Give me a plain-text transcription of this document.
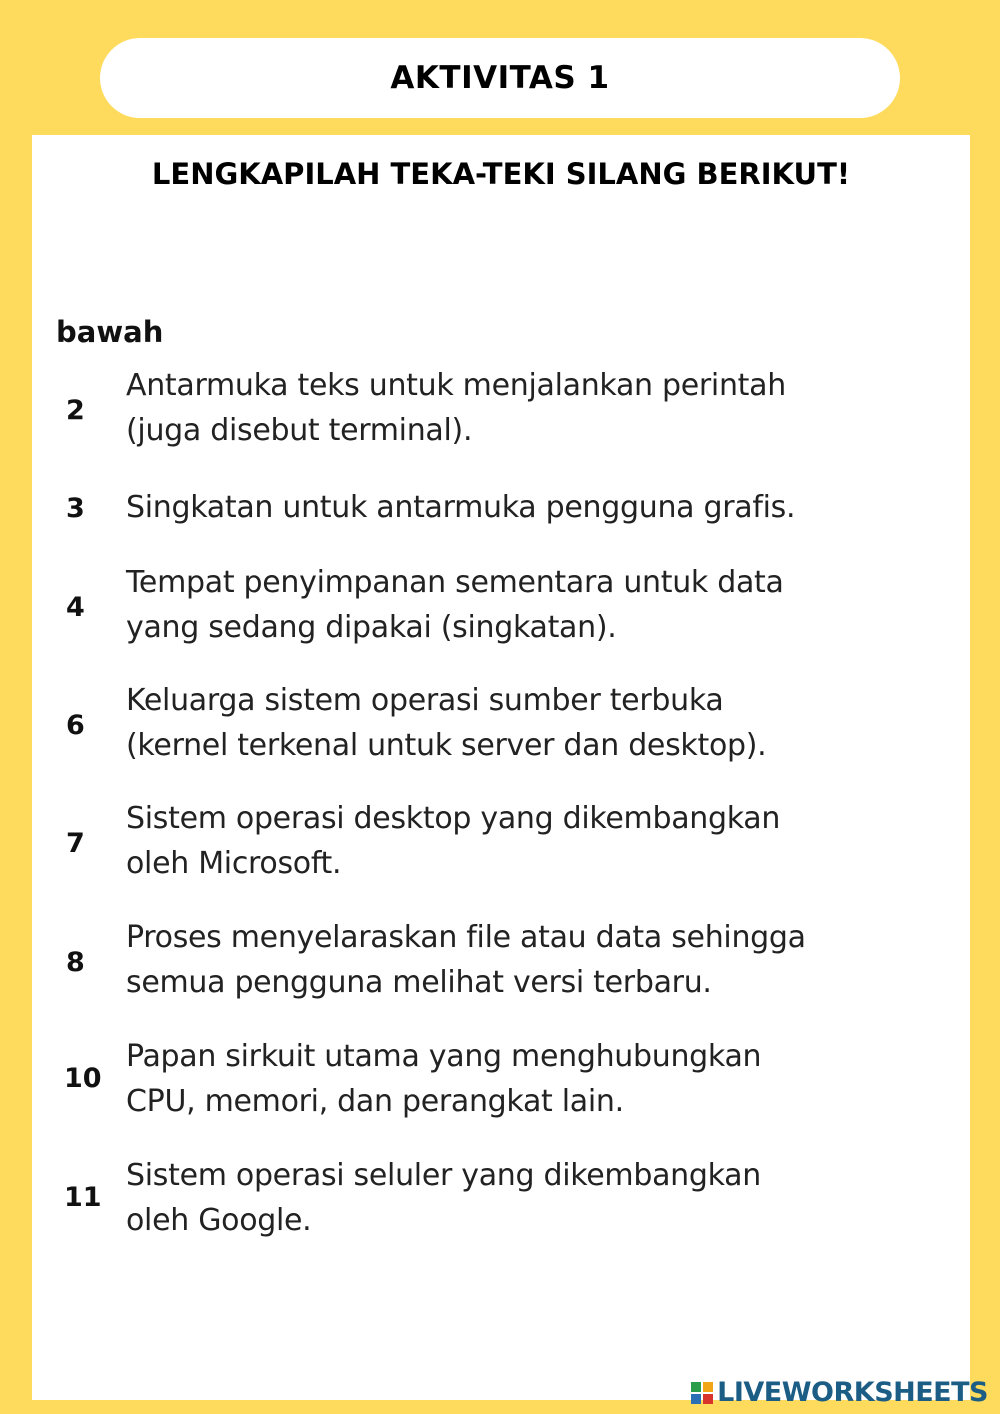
AKTIVITAS 1
LENGKAPILAH TEKA-TEKI SILANG BERIKUT!
bawah
2
Antarmuka teks untuk menjalankan perintah
(juga disebut terminal).
3 Singkatan untuk antarmuka pengguna grafis.
4
Tempat penyimpanan sementara untuk data
yang sedang dipakai (singkatan).
6
Keluarga sistem operasi sumber terbuka
(kernel terkenal untuk server dan desktop).
7
Sistem operasi desktop yang dikembangkan
oleh Microsoft.
8
Proses menyelaraskan file atau data sehingga
semua pengguna melihat versi terbaru.
10
Papan sirkuit utama yang menghubungkan
CPU, memori, dan perangkat lain.
11
Sistem operasi seluler yang dikembangkan
oleh Google.
LIVEWORKSHEETS
